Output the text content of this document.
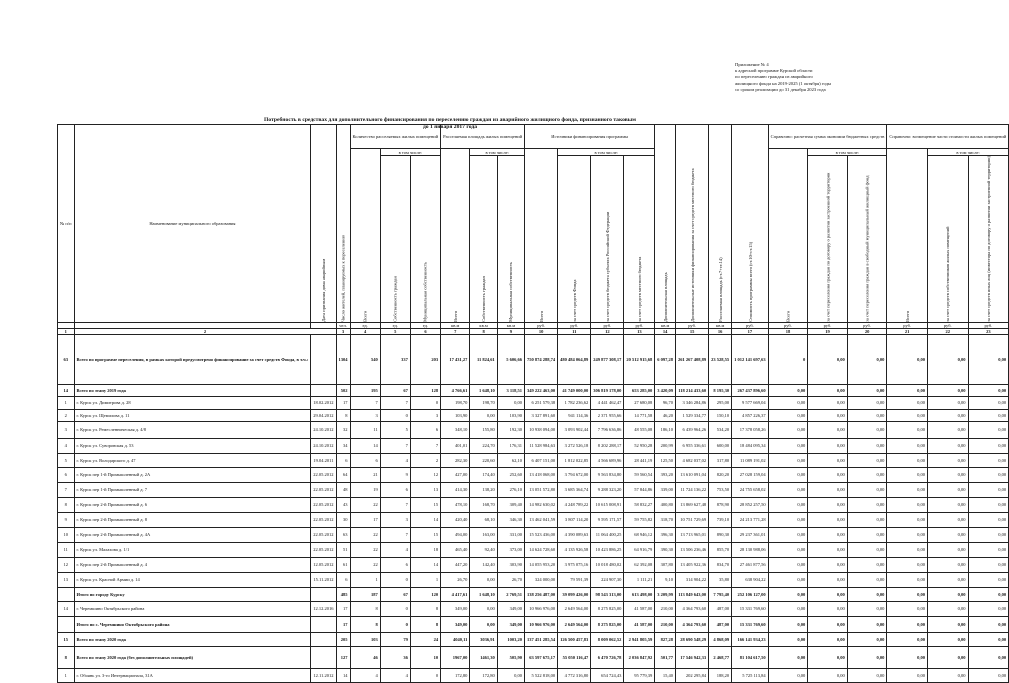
Приложение № 4
к адресной программе Курской области
по переселению граждан из аварийного
жилищного фонда на 2019-2025 (1 октября) годы
со сроком реализации до 31 декабря 2023 года
Потребность в средствах для дополнительного финансирования по переселению граждан из аварийного жилищного фонда, признанного таковым
до 1 января 2017 года
№ п/п	Наименование муниципального образования	Дата признания дома аварийным	Число жителей, планируемых к переселению	Количество расселяемых жилых помещений			Расселяемая площадь жилых помещений			Источники финансирования программы				Дополнительная площадь	Дополнительные источники финансирования за счет средств местного бюджета	Расселяемая площадь (ст.7+ст.14)	Стоимость программы всего (ст.10+ст.15)	Справочно: расчетная сумма экономии бюджетных средств			Справочно: возмещение части стоимости жилых помещений		
				Всего	в том числе:		Всего	в том числе:		Всего	в том числе:							Всего	в том числе:		Всего	в том числе:	
					Собственность граждан	Муниципальная собственность		Собственность граждан	Муниципальная собственность		за счет средств Фонда	за счет средств бюджета субъекта Российской Федерации	за счет средств местного бюджета						за счет переселения граждан по договору о развитии застроенной территории	за счет переселения граждан в свободный муниципальный жилищный фонд		за счет средств собственников жилых помещений	за счет средств иных лиц (инвестора по договору о развитии застроенной территории)
			чел.	ед.	ед.	ед.	кв.м	кв.м	кв.м	руб.	руб.	руб.	руб.	кв.м	руб.	кв.м	руб.	руб.	руб.	руб.	руб.	руб.	руб.
1	2		3	4	5	6	7	8	9	10	11	12	13	14	15	16	17	18	19	20	21	22	23
63	Всего по программе переселения, в рамках которой предусмотрено финансирование за счет средств Фонда, в т.ч.:		1304	540	337	203	17 431,27	11 824,61	5 606,66	750 874 288,74	480 484 064,89	249 877 308,17	20 512 915,68	6 097,28	261 267 408,89	23 528,55	1 012 141 697,63	0	0,00	0,00	0,00	0,00	0,00
14	Всего по этапу 2019 года		502	195	67	128	4 766,61	1 648,10	3 118,51	349 222 463,00	41 749 000,00	306 819 178,00	653 285,00	3 420,09	118 214 433,60	8 195,30	267 437 896,60	0,00	0,00	0,00	0,00	0,00	0,00
1	г. Курск ул. Димитрова д. 28	18.02.2012	17	7	7	0	198,70	198,70	0,00	6 251 579,38	1 782 236,62	4 441 462,47	27 680,08	96,70	3 346 284,86	295,00	9 577 669,04	0,00	0,00	0,00	0,00	0,00	0,00
2	г. Курск ул. Щемилова д. 11	29.04.2012	8	3	0	3	103,90	0,00	103,90	3 327 891,60	941 114,36	2 371 955,66	14 771,58	46,20	1 529 334,77	150,10	4 857 226,37	0,00	0,00	0,00	0,00	0,00	0,00
3	г. Курск ул. Ремесленническая д. 4/8	24.10.2012	32	11	5	6	348,10	155,80	192,30	10 938 094,00	3 093 902,44	7 796 636,86	48 555,08	186,10	6 439 964,26	534,20	17 378 058,26	0,00	0,00	0,00	0,00	0,00	0,00
4	г. Курск ул. Суворовская д. 53	24.10.2012	34	14	7	7	401,01	224,70	176,31	11 528 984,63	3 272 526,18	8 202 288,17	52 950,28	200,99	6 955 336,61	600,00	18 484 095,34	0,00	0,00	0,00	0,00	0,00	0,00
5	г. Курск ул. Володарского д. 47	19.04.2011	6	6	4	2	282,30	220,60	62,10	6 407 151,00	1 812 022,85	4 566 689,96	28 441,19	125,50	4 682 037,02	317,80	11 089 191,02	0,00	0,00	0,00	0,00	0,00	0,00
6	г. Курск пер 1-й Промышленный д. 2А	22.05.2012	64	21	9	12	427,00	174,40	252,60	13 418 068,00	3 794 672,00	9 563 834,80	59 560,54	393,20	13 610 091,04	820,20	27 028 159,04	0,00	0,00	0,00	0,00	0,00	0,00
7	г. Курск пер 1-й Промышленный д. 7	22.05.2012	48	19	6	13	414,30	138,20	276,10	13 051 572,80	3 685 364,74	9 288 323,20	57 844,86	339,00	11 724 136,22	753,50	24 755 658,02	0,00	0,00	0,00	0,00	0,00	0,00
8	г. Курск пер 2-й Промышленный д. 6	22.05.2012	43	22	7	15	478,10	168,70	309,40	14 982 630,02	4 248 789,22	10 615 008,91	58 832,27	400,80	13 869 627,48	878,90	28 852 257,50	0,00	0,00	0,00	0,00	0,00	0,00
9	г. Курск пер 2-й Промышленный д. 8	22.05.2012	30	17	3	14	420,40	68,10	346,30	13 462 041,59	3 807 114,20	9 595 171,57	59 755,82	318,70	10 751 729,69	739,10	24 213 771,28	0,00	0,00	0,00	0,00	0,00	0,00
10	г. Курск пер 2-й Промышленный д. 4А	22.05.2012	63	22	7	15	494,00	163,00	331,00	15 523 436,00	4 390 089,63	11 064 400,25	68 946,12	396,30	13 713 965,01	890,30	29 237 361,01	0,00	0,00	0,00	0,00	0,00	0,00
11	г. Курск ул. Малахова д. 1/1	22.05.2012	51	22	4	18	465,40	92,40	373,00	14 624 728,60	4 135 926,58	10 423 886,25	64 916,79	390,30	13 506 236,46	855,70	28 130 988,06	0,00	0,00	0,00	0,00	0,00	0,00
12	г. Курск пер 2-й Промышленный д. 4	12.05.2012	61	22	6	14	447,20	142,40	303,90	14 055 953,20	3 975 075,16	10 018 480,02	62 392,08	307,80	13 405 922,36	834,70	27 461 877,56	0,00	0,00	0,00	0,00	0,00	0,00
13	г. Курск ул. Красной Армии д. 14	15.11.2012	6	1	0	1	26,70	0,00	26,70	324 000,00	79 591,39	224 907,30	1 111,21	9,10	314 904,22	35,80	638 904,22	0,00	0,00	0,00	0,00	0,00	0,00
	Итого по городу Курску		485	187	67	120	4 417,61	1 648,10	2 769,51	138 256 487,00	39 099 426,00	98 543 313,00	613 498,00	3 209,99	113 849 643,00	7 795,40	252 106 127,00	0,00	0,00	0,00	0,00	0,00	0,00
14	г. Черемшино Октябрьского района	12.12.2016	17	8	0	8	349,00	0,00	349,00	10 966 976,00	2 649 564,00	8 275 825,00	41 587,00	210,00	4 364 793,60	487,00	15 331 769,60	0,00	0,00	0,00	0,00	0,00	0,00
	Итого по с. Черемшино Октябрьского района		17	8	0	8	349,00	0,00	349,00	10 966 976,00	2 649 564,00	8 275 825,00	41 587,00	210,00	4 364 793,60	487,00	15 331 769,60	0,00	0,00	0,00	0,00	0,00	0,00
15	Всего по этапу 2020 года		205	103	79	24	4040,11	3036,91	1003,20	137 451 285,54	126 500 457,83	8 009 062,52	2 941 805,59	827,28	28 690 548,29	4 868,09	166 141 934,23	0,00	0,00	0,00	0,00	0,00	0,00
8	Всего по этапу 2020 года (без дополнительных площадей)		127	46	36	10	1967,00	1461,30	505,90	63 597 675,17	55 050 116,47	6 470 726,78	2 036 847,92	501,77	17 546 942,33	2 468,77	81 104 617,50	0,00	0,00	0,00	0,00	0,00	0,00
1	г. Обоянь ул. 3-го Интернационала, 31А	12.11.2012	14	4	4	0	172,80	172,80	0,00	5 522 818,00	4 772 316,80	654 724,43	95 779,39	15,40	202 295,84	188,20	5 725 113,84	0,00	0,00	0,00	0,00	0,00	0,00
